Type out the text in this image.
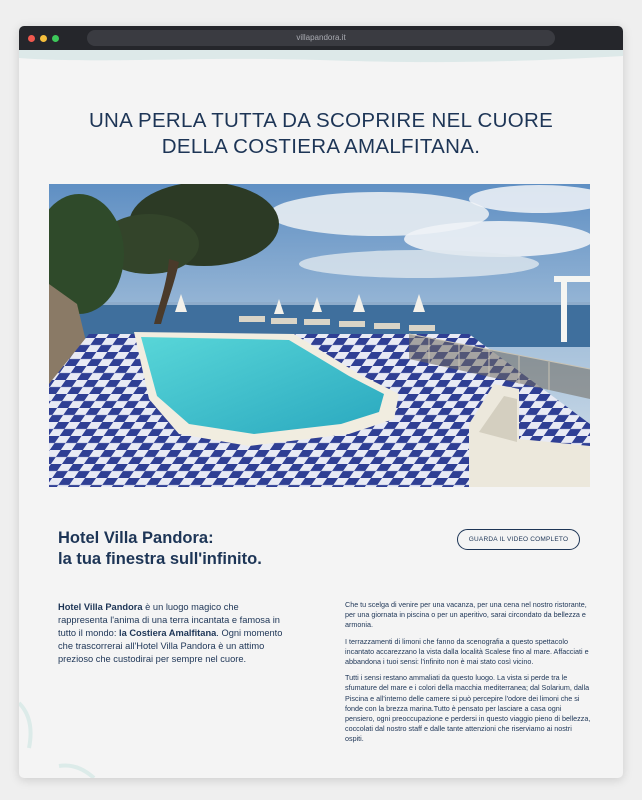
villapandora.it
UNA PERLA TUTTA DA SCOPRIRE NEL CUORE
DELLA COSTIERA AMALFITANA.
Hotel Villa Pandora:
la tua finestra sull'infinito.
GUARDA IL VIDEO COMPLETO
Hotel Villa Pandora è un luogo magico che rappresenta l'anima di una terra incantata e famosa in tutto il mondo: la Costiera Amalfitana. Ogni momento che trascorrerai all'Hotel Villa Pandora è un attimo prezioso che custodirai per sempre nel cuore.

Che tu scelga di venire per una vacanza, per una cena nel nostro ristorante, per una giornata in piscina o per un aperitivo, sarai circondato da bellezza e armonia.

I terrazzamenti di limoni che fanno da scenografia a questo spettacolo incantato accarezzano la vista dalla località Scalese fino al mare. Affacciati e abbandona i tuoi sensi: l'infinito non è mai stato così vicino.

Tutti i sensi restano ammaliati da questo luogo. La vista si perde tra le sfumature del mare e i colori della macchia mediterranea; dal Solarium, dalla Piscina e all'interno delle camere si può percepire l'odore dei limoni che si fonde con la brezza marina.Tutto è pensato per lasciare a casa ogni pensiero, ogni preoccupazione e perdersi in questo viaggio pieno di bellezza, coccolati dal nostro staff e dalle tante attenzioni che riserviamo ai nostri ospiti.
